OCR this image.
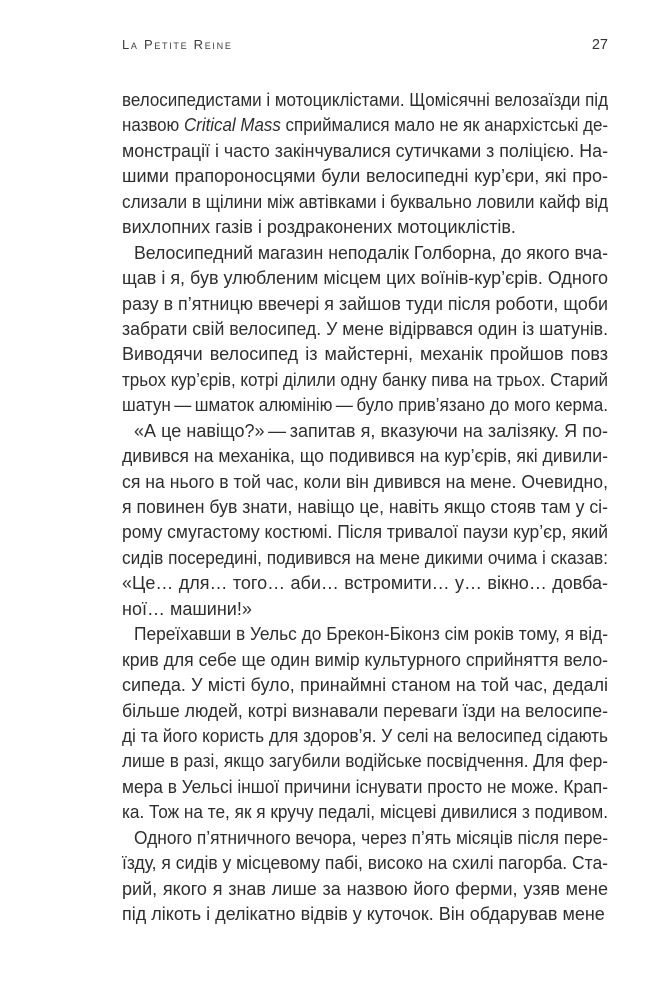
La Petite Reine	27
велосипедистами і мотоциклістами. Щомісячні велозаїзди під
назвою Critical Mass сприймалися мало не як анархістські де-
монстрації і часто закінчувалися сутичками з поліцією. На-
шими прапороносцями були велосипедні кур’єри, які про-
слизали в щілини між автівками і буквально ловили кайф від
вихлопних газів і роздраконених мотоциклістів.
Велосипедний магазин неподалік Голборна, до якого вча-
щав і я, був улюбленим місцем цих воїнів-кур’єрів. Одного
разу в п’ятницю ввечері я зайшов туди після роботи, щоби
забрати свій велосипед. У мене відірвався один із шатунів.
Виводячи велосипед із майстерні, механік пройшов повз
трьох кур’єрів, котрі ділили одну банку пива на трьох. Старий
шатун — шматок алюмінію — було прив’язано до мого керма.
«А це навіщо?» — запитав я, вказуючи на залізяку. Я по-
дивився на механіка, що подивився на кур’єрів, які дивили-
ся на нього в той час, коли він дивився на мене. Очевидно,
я повинен був знати, навіщо це, навіть якщо стояв там у сі-
рому смугастому костюмі. Після тривалої паузи кур’єр, який
сидів посередині, подивився на мене дикими очима і сказав:
«Це… для… того… аби… встромити… у… вікно… довба-
ної… машини!»
Переїхавши в Уельс до Брекон-Біконз сім років тому, я від-
крив для себе ще один вимір культурного сприйняття вело-
сипеда. У місті було, принаймні станом на той час, дедалі
більше людей, котрі визнавали переваги їзди на велосипе-
ді та його користь для здоров’я. У селі на велосипед сідають
лише в разі, якщо загубили водійське посвідчення. Для фер-
мера в Уельсі іншої причини існувати просто не може. Крап-
ка. Тож на те, як я кручу педалі, місцеві дивилися з подивом.
Одного п’ятничного вечора, через п’ять місяців після пере-
їзду, я сидів у місцевому пабі, високо на схилі пагорба. Ста-
рий, якого я знав лише за назвою його ферми, узяв мене
під лікоть і делікатно відвів у куточок. Він обдарував мене
